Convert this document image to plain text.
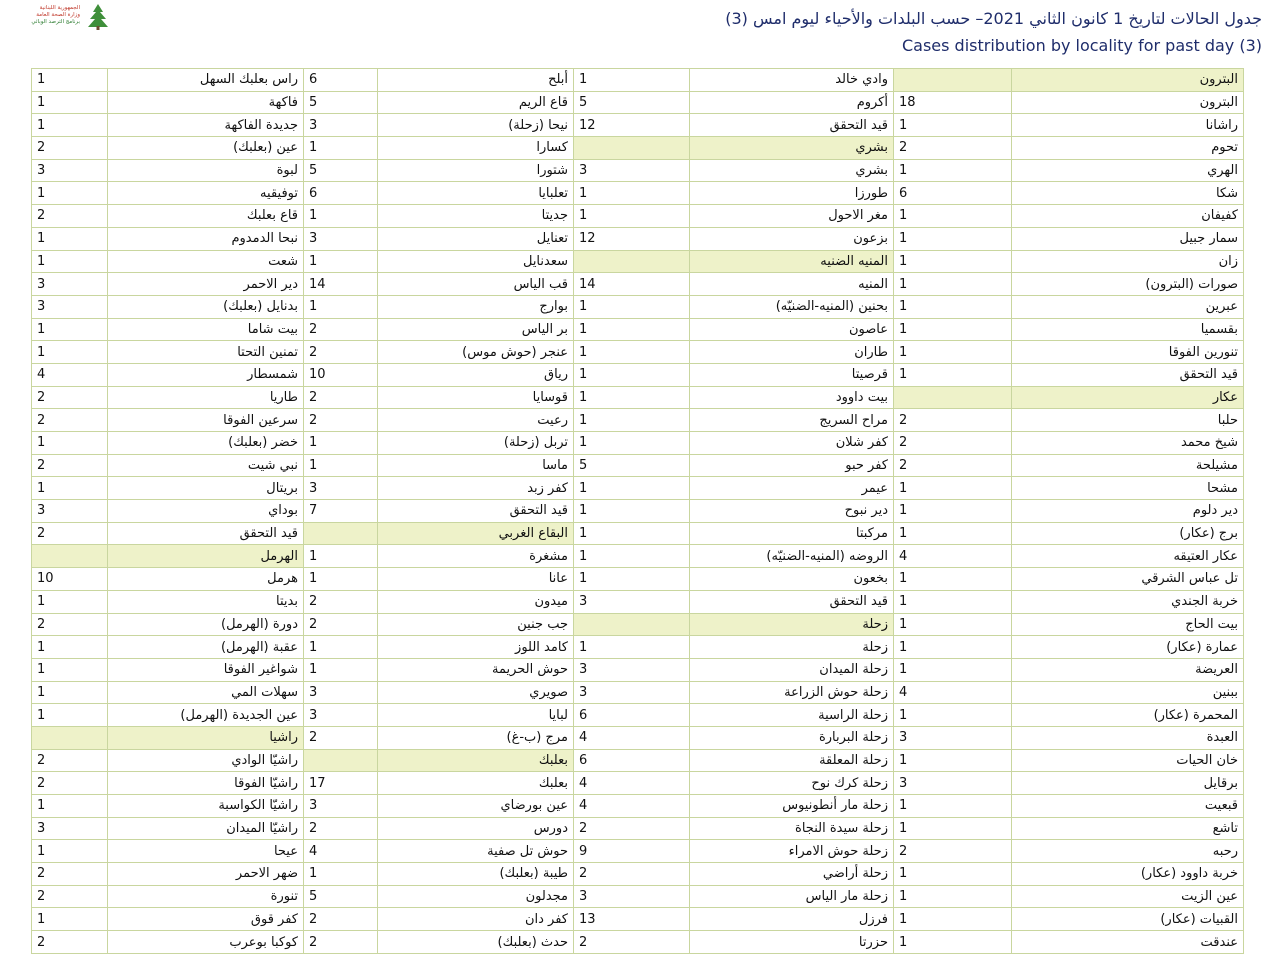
الجمهورية اللبنانية
وزارة الصحة العامة
برنامج الترصد الوبائي	جدول الحالات لتاريخ 1 كانون الثاني 2021– حسب البلدات والأحياء ليوم امس (3)
Cases distribution by locality for past day (3)
1	راس بعلبك السهل	6	أبلح	1	وادي خالد		البترون
1	فاكهة	5	قاع الريم	5	أكروم	18	البترون
1	جديدة الفاكهة	3	نيحا (زحلة)	12	قيد التحقق	1	راشانا
2	عين (بعلبك)	1	كسارا		بشري	2	تحوم
3	لبوة	5	شتورا	3	بشري	1	الهري
1	توفيقيه	6	تعلبايا	1	طورزا	6	شكا
2	قاع بعلبك	1	جديتا	1	مغر الاحول	1	كفيفان
1	نبحا الدمدوم	3	تعنايل	12	بزعون	1	سمار جبيل
1	شعت	1	سعدنايل		المنيه الضنيه	1	زان
3	دير الاحمر	14	قب الياس	14	المنيه	1	صورات (البترون)
3	بدنايل (بعلبك)	1	بوارج	1	بحنين (المنيه-الضنيّه)	1	عبرين
1	بيت شاما	2	بر الياس	1	عاصون	1	بقسميا
1	تمنين التحتا	2	عنجر (حوش موس)	1	طاران	1	تنورين الفوقا
4	شمسطار	10	رياق	1	قرصيتا	1	قيد التحقق
2	طاريا	2	قوسايا	1	بيت داوود		عكار
2	سرعين الفوقا	2	رعيت	1	مراح السريج	2	حلبا
1	خضر (بعلبك)	1	تربل (زحلة)	1	كفر شلان	2	شيخ محمد
2	نبي شيت	1	ماسا	5	كفر حبو	2	مشيلحة
1	بريتال	3	كفر زبد	1	عيمر	1	مشحا
3	بوداي	7	قيد التحقق	1	دير نبوح	1	دير دلوم
2	قيد التحقق		البقاع الغربي	1	مركبتا	1	برج (عكار)
	الهرمل	1	مشغرة	1	الروضه (المنيه-الضنيّه)	4	عكار العتيقه
10	هرمل	1	عانا	1	بخعون	1	تل عباس الشرقي
1	بديتا	2	ميدون	3	قيد التحقق	1	خربة الجندي
2	دورة (الهرمل)	2	جب جنين		زحلة	1	بيت الحاج
1	عقبة (الهرمل)	1	كامد اللوز	1	زحلة	1	عمارة (عكار)
1	شواغير الفوقا	1	حوش الحريمة	3	زحلة الميدان	1	العريضة
1	سهلات المي	3	صويري	3	زحلة حوش الزراعة	4	ببنين
1	عين الجديدة (الهرمل)	3	لبايا	6	زحلة الراسية	1	المحمرة (عكار)
	راشيا	2	مرج (ب-غ)	4	زحلة البربارة	3	العبدة
2	راشيّا الوادي		بعلبك	6	زحلة المعلقة	1	خان الحيات
2	راشيّا الفوقا	17	بعلبك	4	زحلة كرك نوح	3	برقايل
1	راشيّا الكواسبة	3	عين بورضاي	4	زحلة مار أنطونيوس	1	قبعيت
3	راشيّا الميدان	2	دورس	2	زحلة سيدة النجاة	1	تاشع
1	عيحا	4	حوش تل صفية	9	زحلة حوش الامراء	2	رحبه
2	ضهر الاحمر	1	طيبة (بعلبك)	2	زحلة أراضي	1	خربة داوود (عكار)
2	تنورة	5	مجدلون	3	زحلة مار الياس	1	عين الزيت
1	كفر قوق	2	كفر دان	13	فرزل	1	القبيات (عكار)
2	كوكبا بوعرب	2	حدث (بعلبك)	2	حزرتا	1	عندقت
